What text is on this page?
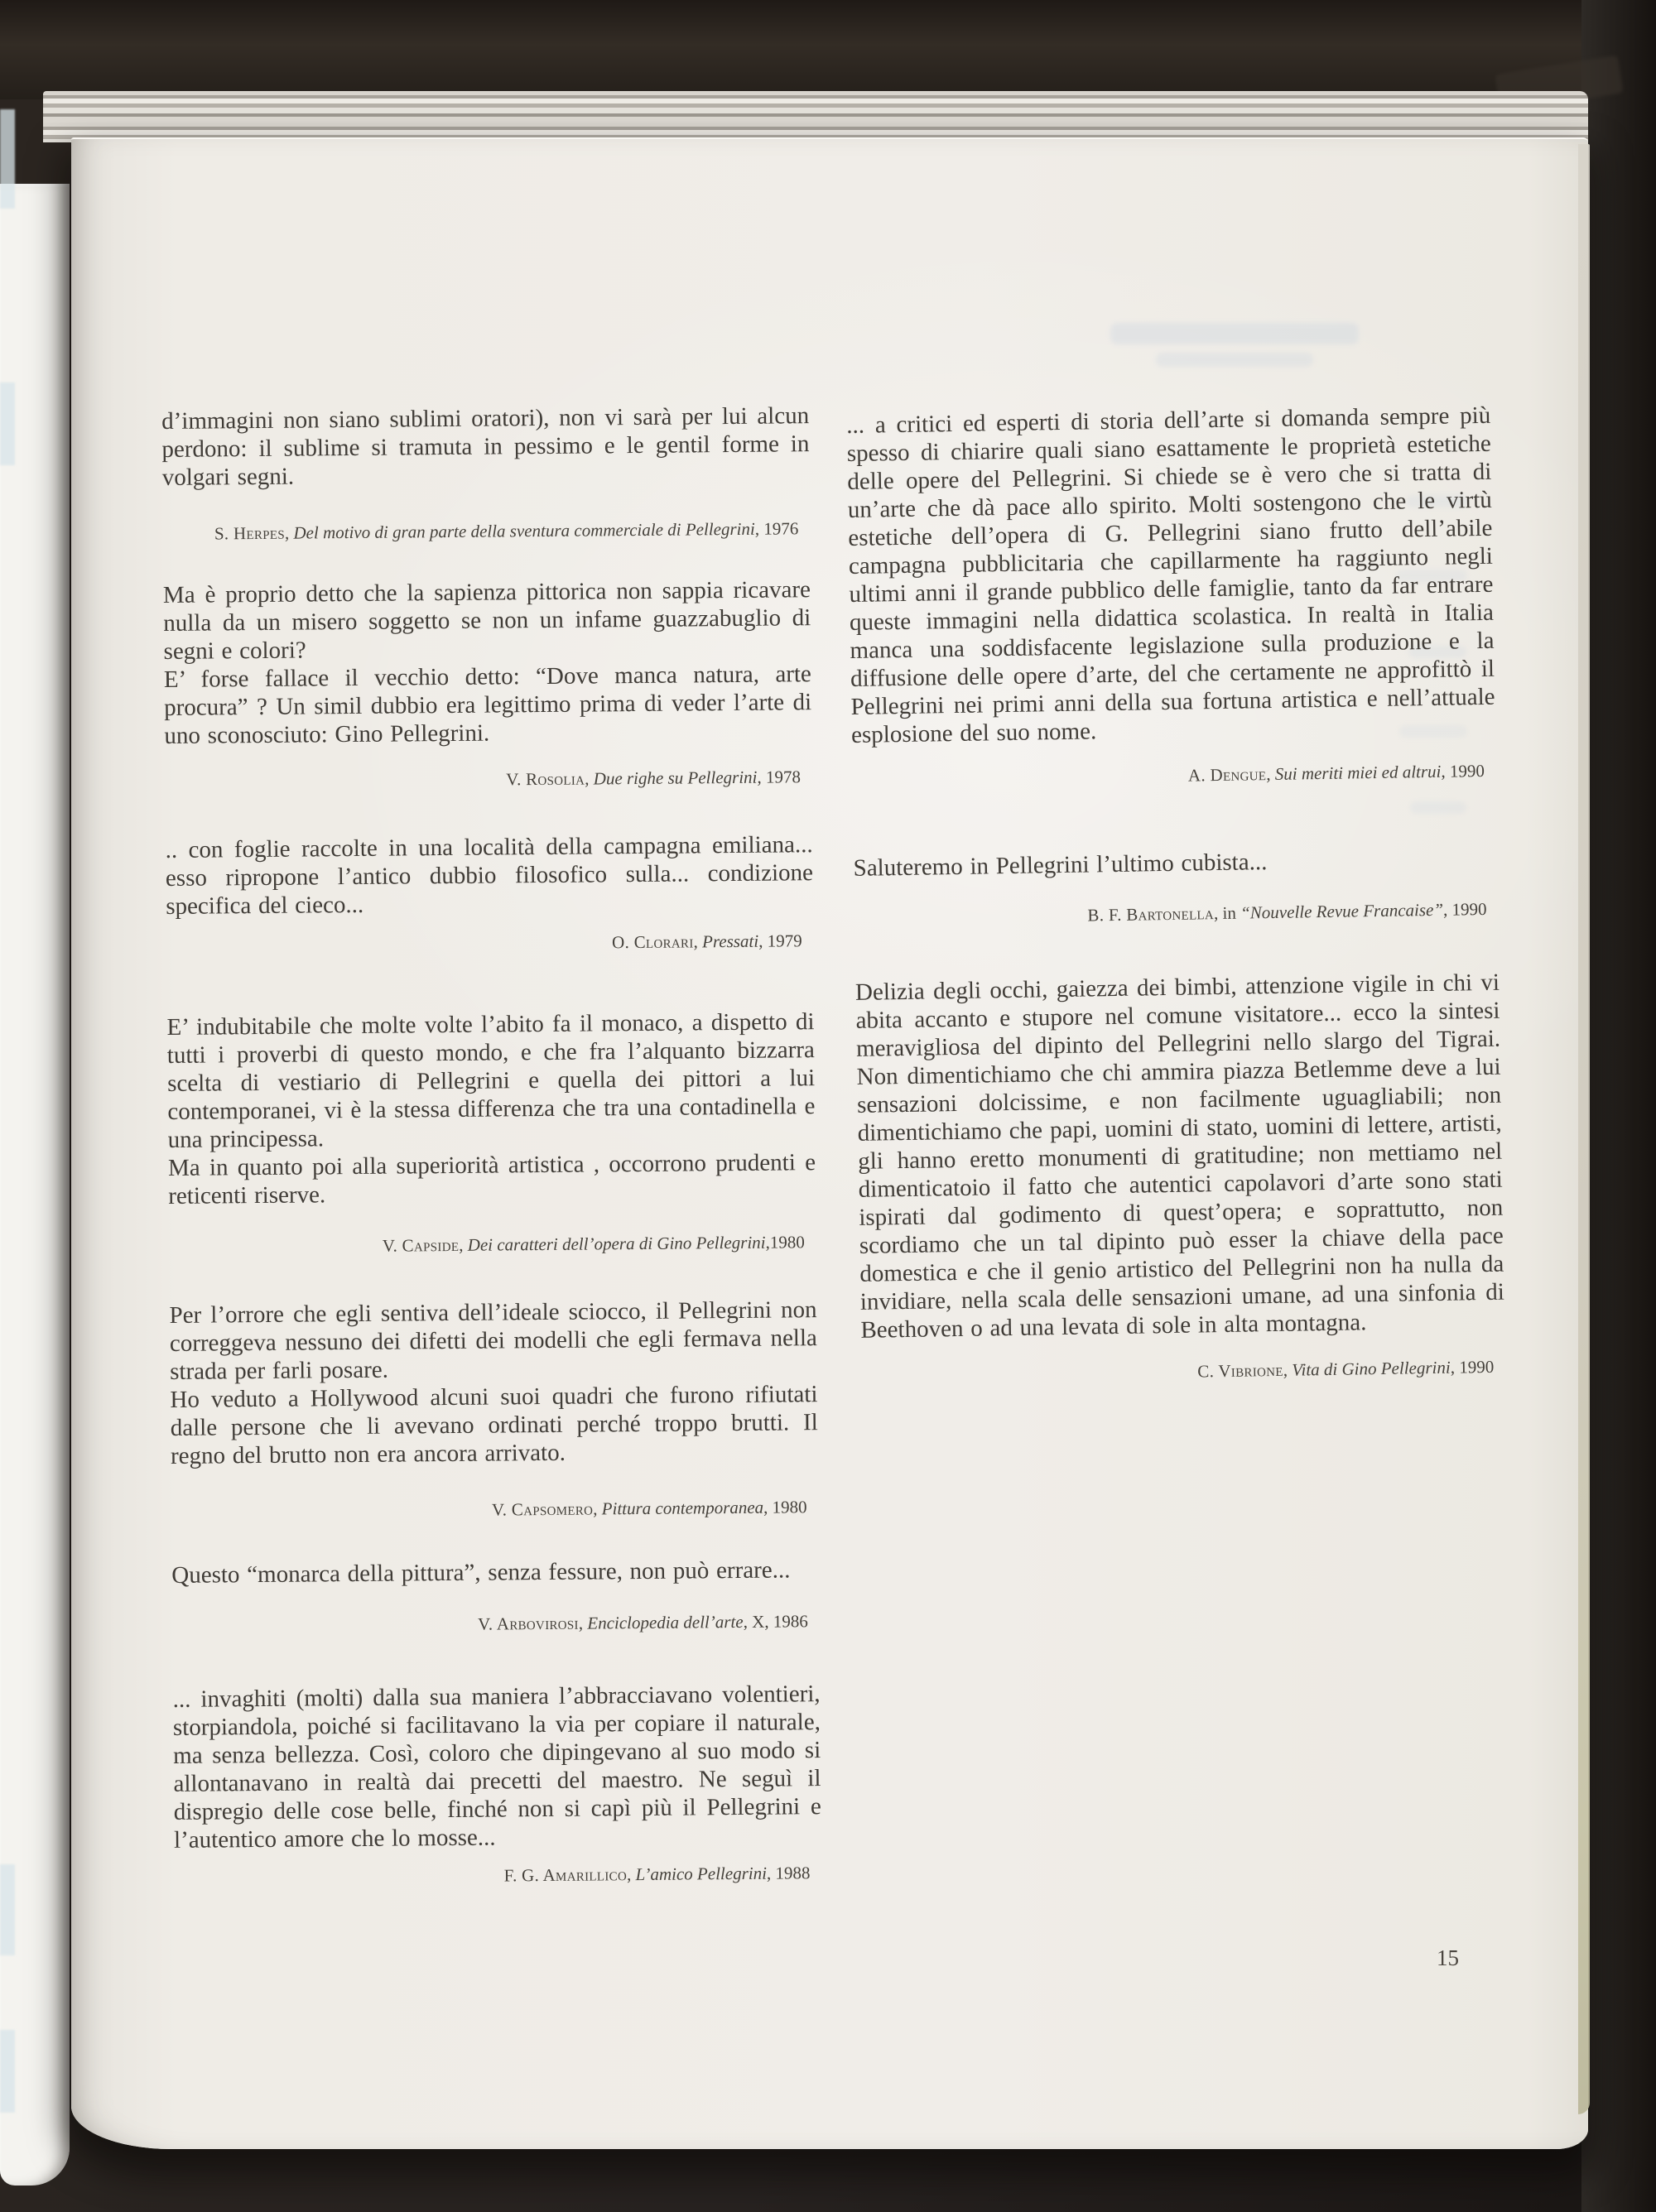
d’immagini non siano sublimi oratori), non vi sarà per lui alcun perdono: il sublime si tramuta in pessimo e le gentil forme in volgari segni.

S. Herpes, Del motivo di gran parte della sventura commerciale di Pellegrini, 1976

Ma è proprio detto che la sapienza pittorica non sappia ricavare nulla da un misero soggetto se non un infame guazzabuglio di segni e colori?
E’ forse fallace il vecchio detto: “Dove manca natura, arte procura” ? Un simil dubbio era legittimo prima di veder l’arte di uno sconosciuto: Gino Pellegrini.

V. Rosolia, Due righe su Pellegrini, 1978

.. con foglie raccolte in una località della campagna emiliana... esso ripropone l’antico dubbio filosofico sulla... condizione specifica del cieco...

O. Clorari, Pressati, 1979

E’ indubitabile che molte volte l’abito fa il monaco, a dispetto di tutti i proverbi di questo mondo, e che fra l’alquanto bizzarra scelta di vestiario di Pellegrini e quella dei pittori a lui contemporanei, vi è la stessa differenza che tra una contadinella e una principessa.
Ma in quanto poi alla superiorità artistica , occorrono prudenti e reticenti riserve.

V. Capside, Dei caratteri dell’opera di Gino Pellegrini,1980

Per l’orrore che egli sentiva dell’ideale sciocco, il Pellegrini non correggeva nessuno dei difetti dei modelli che egli fermava nella strada per farli posare.
Ho veduto a Hollywood alcuni suoi quadri che furono rifiutati dalle persone che li avevano ordinati perché troppo brutti. Il regno del brutto non era ancora arrivato.

V. Capsomero, Pittura contemporanea, 1980

Questo “monarca della pittura”, senza fessure, non può errare...

V. Arbovirosi, Enciclopedia dell’arte, X, 1986

... invaghiti (molti) dalla sua maniera l’abbracciavano volentieri, storpiandola, poiché si facilitavano la via per copiare il naturale, ma senza bellezza. Così, coloro che dipingevano al suo modo si allontanavano in realtà dai precetti del maestro. Ne seguì il dispregio delle cose belle, finché non si capì più il Pellegrini e l’autentico amore che lo mosse...

F. G. Amarillico, L’amico Pellegrini, 1988

... a critici ed esperti di storia dell’arte si domanda sempre più spesso di chiarire quali siano esattamente le proprietà estetiche delle opere del Pellegrini. Si chiede se è vero che si tratta di un’arte che dà pace allo spirito. Molti sostengono che le virtù estetiche dell’opera di G. Pellegrini siano frutto dell’abile campagna pubblicitaria che capillarmente ha raggiunto negli ultimi anni il grande pubblico delle famiglie, tanto da far entrare queste immagini nella didattica scolastica. In realtà in Italia manca una soddisfacente legislazione sulla produzione e la diffusione delle opere d’arte, del che certamente ne approfittò il Pellegrini nei primi anni della sua fortuna artistica e nell’attuale esplosione del suo nome.

A. Dengue, Sui meriti miei ed altrui, 1990

Saluteremo in Pellegrini l’ultimo cubista...

B. F. Bartonella, in “Nouvelle Revue Francaise”, 1990

Delizia degli occhi, gaiezza dei bimbi, attenzione vigile in chi vi abita accanto e stupore nel comune visitatore... ecco la sintesi meravigliosa del dipinto del Pellegrini nello slargo del Tigrai. Non dimentichiamo che chi ammira piazza Betlemme deve a lui sensazioni dolcissime, e non facilmente uguagliabili; non dimentichiamo che papi, uomini di stato, uomini di lettere, artisti, gli hanno eretto monumenti di gratitudine; non mettiamo nel dimenticatoio il fatto che autentici capolavori d’arte sono stati ispirati dal godimento di quest’opera; e soprattutto, non scordiamo che un tal dipinto può esser la chiave della pace domestica e che il genio artistico del Pellegrini non ha nulla da invidiare, nella scala delle sensazioni umane, ad una sinfonia di Beethoven o ad una levata di sole in alta montagna.

C. Vibrione, Vita di Gino Pellegrini, 1990

15
